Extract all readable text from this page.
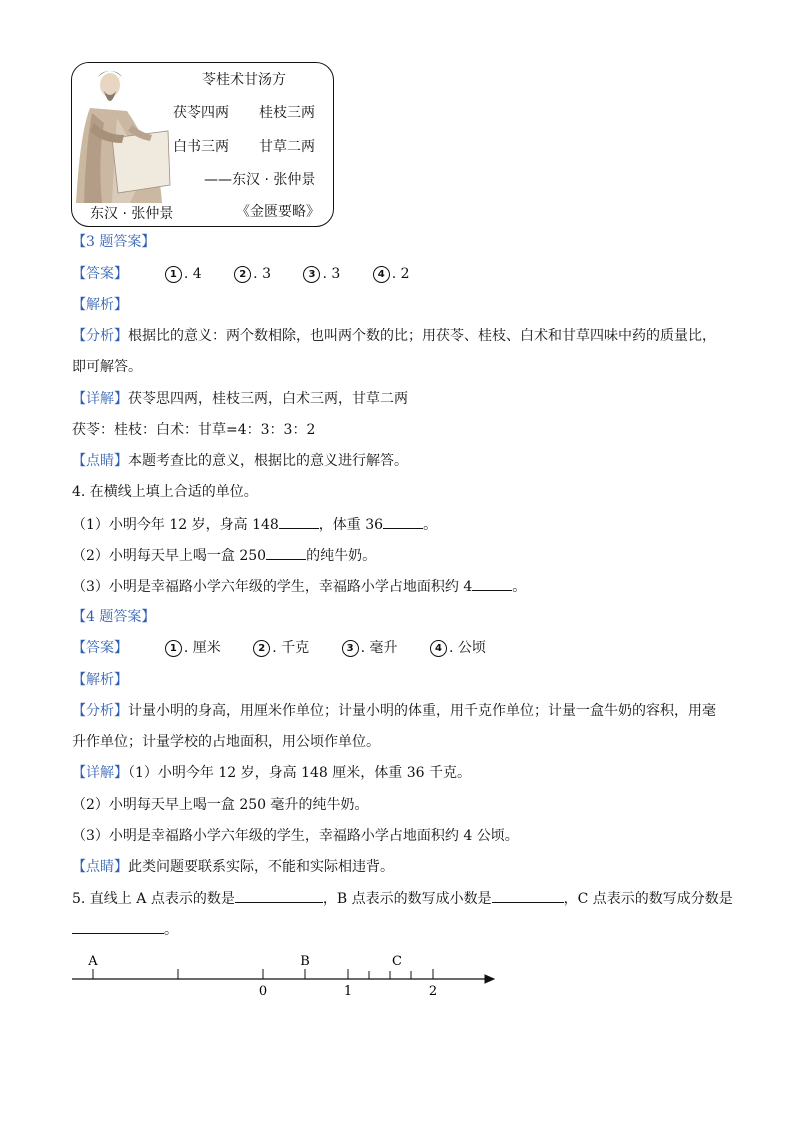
苓桂术甘汤方
茯苓四两 桂枝三两
白书三两 甘草二两
——东汉 · 张仲景
东汉 · 张仲景	《金匮要略》
【3 题答案】
【答案】	1 . 4	2 . 3	3 . 3	4 . 2
【解析】
【分析】根据比的意义：两个数相除，也叫两个数的比；用茯苓、桂枝、白术和甘草四味中药的质量比，
即可解答。
【详解】茯苓思四两，桂枝三两，白术三两，甘草二两
茯苓：桂枝：白术：甘草=4：3：3：2
【点睛】本题考查比的意义，根据比的意义进行解答。
4. 在横线上填上合适的单位。
（1）小明今年 12 岁，身高 148	，体重 36	。
（2）小明每天早上喝一盒 250	的纯牛奶。
（3）小明是幸福路小学六年级的学生，幸福路小学占地面积约 4	。
【4 题答案】
【答案】	1 . 厘米	2 . 千克	3 . 毫升	4 . 公顷
【解析】
【分析】计量小明的身高，用厘米作单位；计量小明的体重，用千克作单位；计量一盒牛奶的容积，用毫
升作单位；计量学校的占地面积，用公顷作单位。
【详解】（1）小明今年 12 岁，身高 148 厘米，体重 36 千克。
（2）小明每天早上喝一盒 250 毫升的纯牛奶。
（3）小明是幸福路小学六年级的学生，幸福路小学占地面积约 4 公顷。
【点睛】此类问题要联系实际，不能和实际相违背。
5. 直线上 A 点表示的数是	，B 点表示的数写成小数是	，C 点表示的数写成分数是
。
A	B	C
0	1	2
